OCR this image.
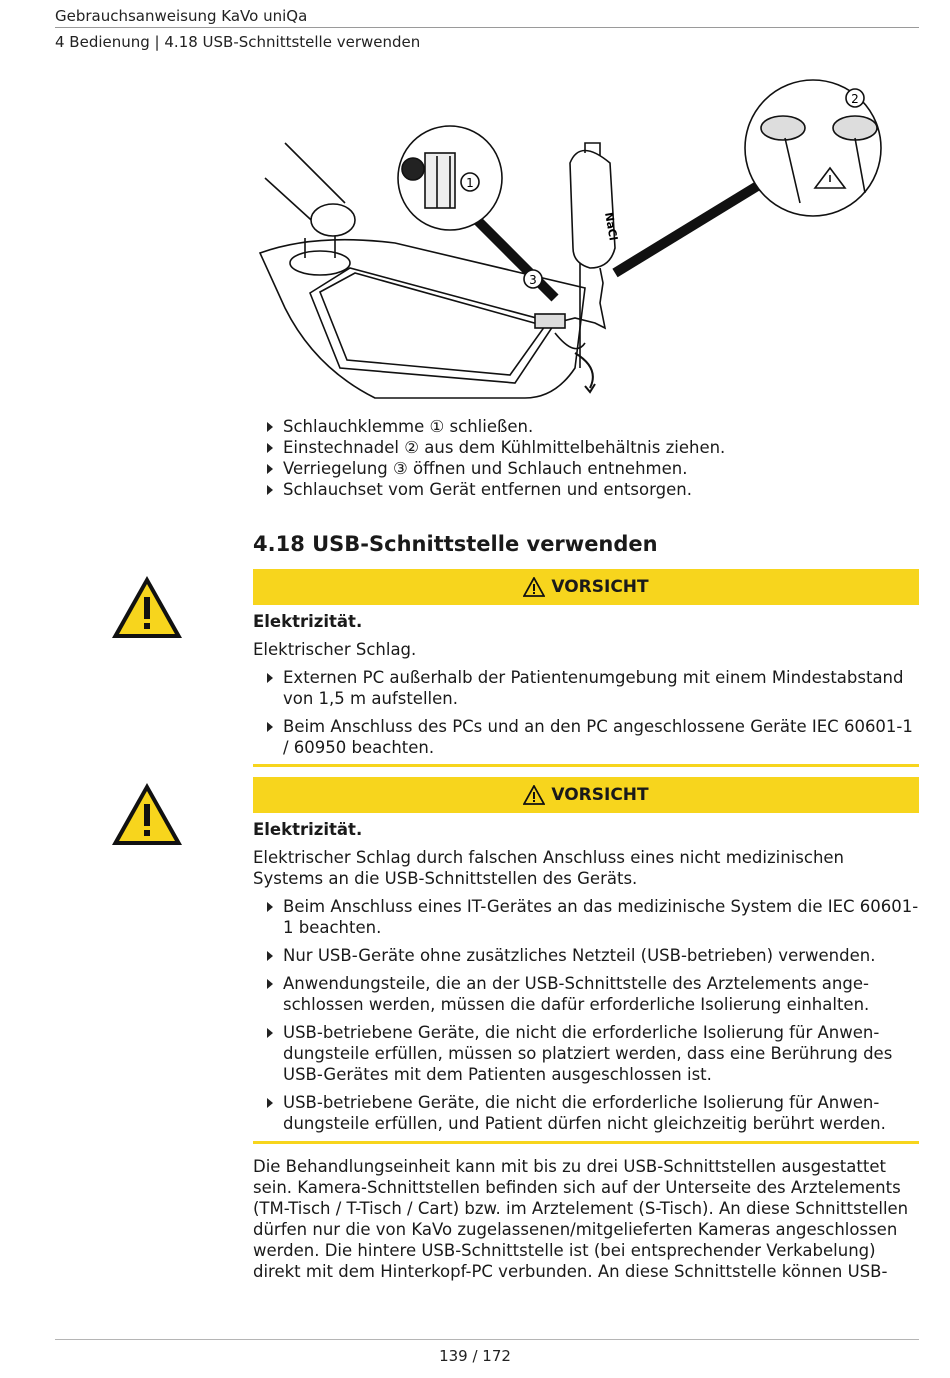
Gebrauchsanweisung KaVo uniQa
4 Bedienung | 4.18 USB-Schnittstelle verwenden
1
2
3
NaCl
Schlauchklemme ① schließen.
Einstechnadel ② aus dem Kühlmittelbehältnis ziehen.
Verriegelung ③ öffnen und Schlauch entnehmen.
Schlauchset vom Gerät entfernen und entsorgen.
4.18 USB-Schnittstelle verwenden
VORSICHT
Elektrizität.
Elektrischer Schlag.
Externen PC außerhalb der Patientenumgebung mit einem Mindestabstand von 1,5 m aufstellen.
Beim Anschluss des PCs und an den PC angeschlossene Geräte IEC 60601-1 / 60950 beachten.
VORSICHT
Elektrizität.
Elektrischer Schlag durch falschen Anschluss eines nicht medizinischen Systems an die USB-Schnittstellen des Geräts.
Beim Anschluss eines IT-Gerätes an das medizinische System die IEC 60601-1 beachten.
Nur USB-Geräte ohne zusätzliches Netzteil (USB-betrieben) verwenden.
Anwendungsteile, die an der USB-Schnittstelle des Arztelements angeschlossen werden, müssen die dafür erforderliche Isolierung einhalten.
USB-betriebene Geräte, die nicht die erforderliche Isolierung für Anwendungsteile erfüllen, müssen so platziert werden, dass eine Berührung des USB-Gerätes mit dem Patienten ausgeschlossen ist.
USB-betriebene Geräte, die nicht die erforderliche Isolierung für Anwendungsteile erfüllen, und Patient dürfen nicht gleichzeitig berührt werden.
Die Behandlungseinheit kann mit bis zu drei USB-Schnittstellen ausgestattet sein. Kamera-Schnittstellen befinden sich auf der Unterseite des Arztelements (TM-Tisch / T-Tisch / Cart) bzw. im Arztelement (S-Tisch). An diese Schnittstellen dürfen nur die von KaVo zugelassenen/mitgelieferten Kameras angeschlossen werden. Die hintere USB-Schnittstelle ist (bei entsprechender Verkabelung) direkt mit dem Hinterkopf-PC verbunden. An diese Schnittstelle können USB-
139 / 172
